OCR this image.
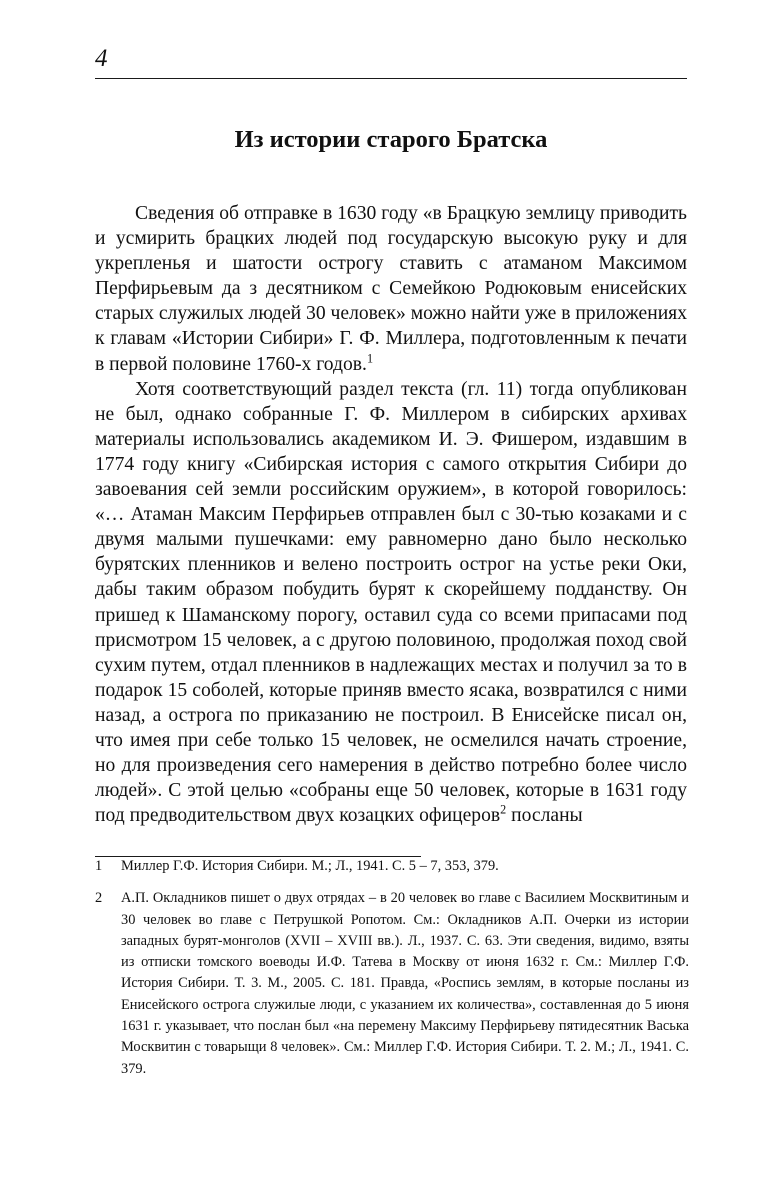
4
Из истории старого Братска

Сведения об отправке в 1630 году «в Брацкую землицу приводить и усмирить брацких людей под государскую высокую руку и для укрепленья и шатости острогу ставить с атаманом Максимом Перфирьевым да з десятником с Семейкою Родюковым енисейских старых служилых людей 30 человек» можно найти уже в приложениях к главам «Истории Сибири» Г. Ф. Миллера, подготовленным к печати в первой половине 1760-х годов.$^1$

Хотя соответствующий раздел текста (гл. 11) тогда опубликован не был, однако собранные Г. Ф. Миллером в сибирских архивах материалы использовались академиком И. Э. Фишером, издавшим в 1774 году книгу «Сибирская история с самого открытия Сибири до завоевания сей земли российским оружием», в которой говорилось: «… Атаман Максим Перфирьев отправлен был с 30-тью козаками и с двумя малыми пушечками: ему равномерно дано было несколько бурятских пленников и велено построить острог на устье реки Оки, дабы таким образом побудить бурят к скорейшему подданству. Он пришед к Шаманскому порогу, оставил суда со всеми припасами под присмотром 15 человек, а с другою половиною, продолжая поход свой сухим путем, отдал пленников в надлежащих местах и получил за то в подарок 15 соболей, которые приняв вместо ясака, возвратился с ними назад, а острога по приказанию не построил. В Енисейске писал он, что имея при себе только 15 человек, не осмелился начать строение, но для произведения сего намерения в действо потребно более число людей». С этой целью «собраны еще 50 человек, которые в 1631 году под предводительством двух козацких офицеров$^2$ посланы

1	Миллер Г.Ф. История Сибири. М.; Л., 1941. С. 5 – 7, 353, 379.
2	А.П. Окладников пишет о двух отрядах – в 20 человек во главе с Василием Москвитиным и 30 человек во главе с Петрушкой Ропотом. См.: Окладников А.П. Очерки из истории западных бурят-монголов (XVII – XVIII вв.). Л., 1937. С. 63. Эти сведения, видимо, взяты из отписки томского воеводы И.Ф. Татева в Москву от июня 1632 г. См.: Миллер Г.Ф. История Сибири. Т. 3. М., 2005. С. 181. Правда, «Роспись землям, в которые посланы из Енисейского острога служилые люди, с указанием их количества», составленная до 5 июня 1631 г. указывает, что послан был «на перемену Максиму Перфирьеву пятидесятник Васька Москвитин с товарыщи 8 человек». См.: Миллер Г.Ф. История Сибири. Т. 2. М.; Л., 1941. С. 379.
